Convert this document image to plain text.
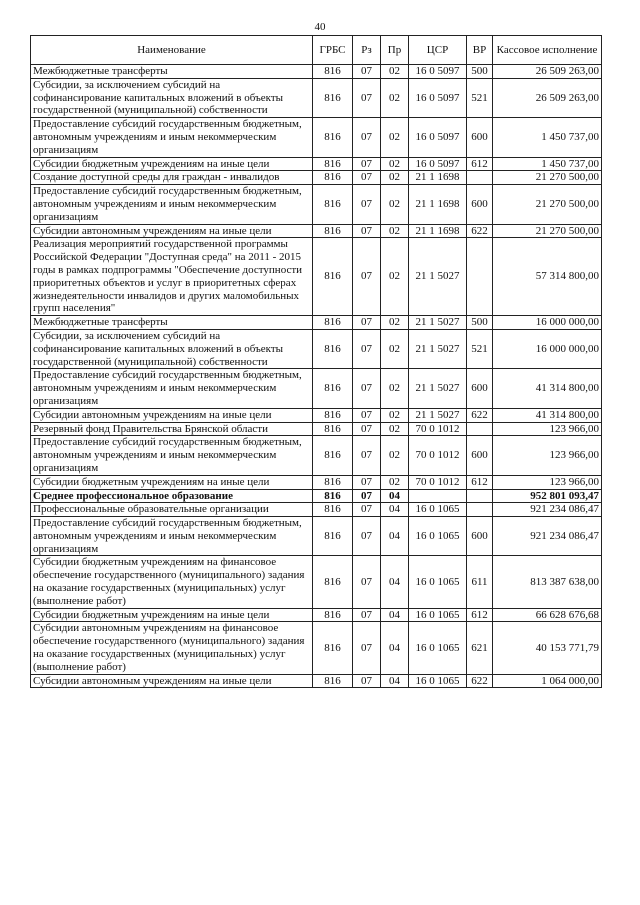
40
Наименование	ГРБС	Рз	Пр	ЦСР	ВР	Кассовое исполнение
Межбюджетные трансферты	816	07	02	16 0 5097	500	26 509 263,00
Субсидии, за исключением субсидий на софинансирование капитальных вложений в объекты государственной (муниципальной) собственности	816	07	02	16 0 5097	521	26 509 263,00
Предоставление субсидий государственным бюджетным, автономным учреждениям и иным некоммерческим организациям	816	07	02	16 0 5097	600	1 450 737,00
Субсидии бюджетным учреждениям на иные цели	816	07	02	16 0 5097	612	1 450 737,00
Создание доступной среды для граждан - инвалидов	816	07	02	21 1 1698		21 270 500,00
Предоставление субсидий государственным бюджетным, автономным учреждениям и иным некоммерческим организациям	816	07	02	21 1 1698	600	21 270 500,00
Субсидии автономным учреждениям на иные цели	816	07	02	21 1 1698	622	21 270 500,00
Реализация мероприятий государственной программы Российской Федерации "Доступная среда" на 2011 - 2015 годы в рамках подпрограммы "Обеспечение доступности приоритетных объектов и услуг в приоритетных сферах жизнедеятельности инвалидов и других маломобильных групп населения"	816	07	02	21 1 5027		57 314 800,00
Межбюджетные трансферты	816	07	02	21 1 5027	500	16 000 000,00
Субсидии, за исключением субсидий на софинансирование капитальных вложений в объекты государственной (муниципальной) собственности	816	07	02	21 1 5027	521	16 000 000,00
Предоставление субсидий государственным бюджетным, автономным учреждениям и иным некоммерческим организациям	816	07	02	21 1 5027	600	41 314 800,00
Субсидии автономным учреждениям на иные цели	816	07	02	21 1 5027	622	41 314 800,00
Резервный фонд Правительства Брянской области	816	07	02	70 0 1012		123 966,00
Предоставление субсидий государственным бюджетным, автономным учреждениям и иным некоммерческим организациям	816	07	02	70 0 1012	600	123 966,00
Субсидии бюджетным учреждениям на иные цели	816	07	02	70 0 1012	612	123 966,00
Среднее профессиональное образование	816	07	04			952 801 093,47
Профессиональные образовательные организации	816	07	04	16 0 1065		921 234 086,47
Предоставление субсидий государственным бюджетным, автономным учреждениям и иным некоммерческим организациям	816	07	04	16 0 1065	600	921 234 086,47
Субсидии бюджетным учреждениям на финансовое обеспечение государственного (муниципального) задания на оказание государственных (муниципальных) услуг (выполнение работ)	816	07	04	16 0 1065	611	813 387 638,00
Субсидии бюджетным учреждениям на иные цели	816	07	04	16 0 1065	612	66 628 676,68
Субсидии автономным учреждениям на финансовое обеспечение государственного (муниципального) задания на оказание государственных (муниципальных) услуг (выполнение работ)	816	07	04	16 0 1065	621	40 153 771,79
Субсидии автономным учреждениям на иные цели	816	07	04	16 0 1065	622	1 064 000,00
